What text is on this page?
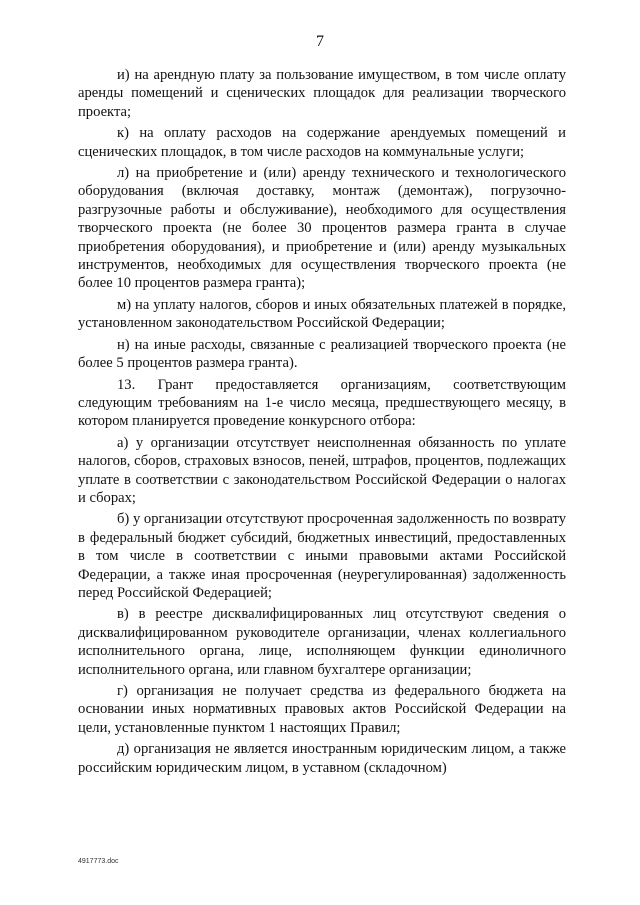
7

и) на арендную плату за пользование имуществом, в том числе оплату аренды помещений и сценических площадок для реализации творческого проекта;

к) на оплату расходов на содержание арендуемых помещений и сценических площадок, в том числе расходов на коммунальные услуги;

л) на приобретение и (или) аренду технического и технологического оборудования (включая доставку, монтаж (демонтаж), погрузочно-разгрузочные работы и обслуживание), необходимого для осуществления творческого проекта (не более 30 процентов размера гранта в случае приобретения оборудования), и приобретение и (или) аренду музыкальных инструментов, необходимых для осуществления творческого проекта (не более 10 процентов размера гранта);

м) на уплату налогов, сборов и иных обязательных платежей в порядке, установленном законодательством Российской Федерации;

н) на иные расходы, связанные с реализацией творческого проекта (не более 5 процентов размера гранта).

13. Грант предоставляется организациям, соответствующим следующим требованиям на 1-е число месяца, предшествующего месяцу, в котором планируется проведение конкурсного отбора:

а) у организации отсутствует неисполненная обязанность по уплате налогов, сборов, страховых взносов, пеней, штрафов, процентов, подлежащих уплате в соответствии с законодательством Российской Федерации о налогах и сборах;

б) у организации отсутствуют просроченная задолженность по возврату в федеральный бюджет субсидий, бюджетных инвестиций, предоставленных в том числе в соответствии с иными правовыми актами Российской Федерации, а также иная просроченная (неурегулированная) задолженность перед Российской Федерацией;

в) в реестре дисквалифицированных лиц отсутствуют сведения о дисквалифицированном руководителе организации, членах коллегиального исполнительного органа, лице, исполняющем функции единоличного исполнительного органа, или главном бухгалтере организации;

г) организация не получает средства из федерального бюджета на основании иных нормативных правовых актов Российской Федерации на цели, установленные пунктом 1 настоящих Правил;

д) организация не является иностранным юридическим лицом, а также российским юридическим лицом, в уставном (складочном)

4917773.doc
